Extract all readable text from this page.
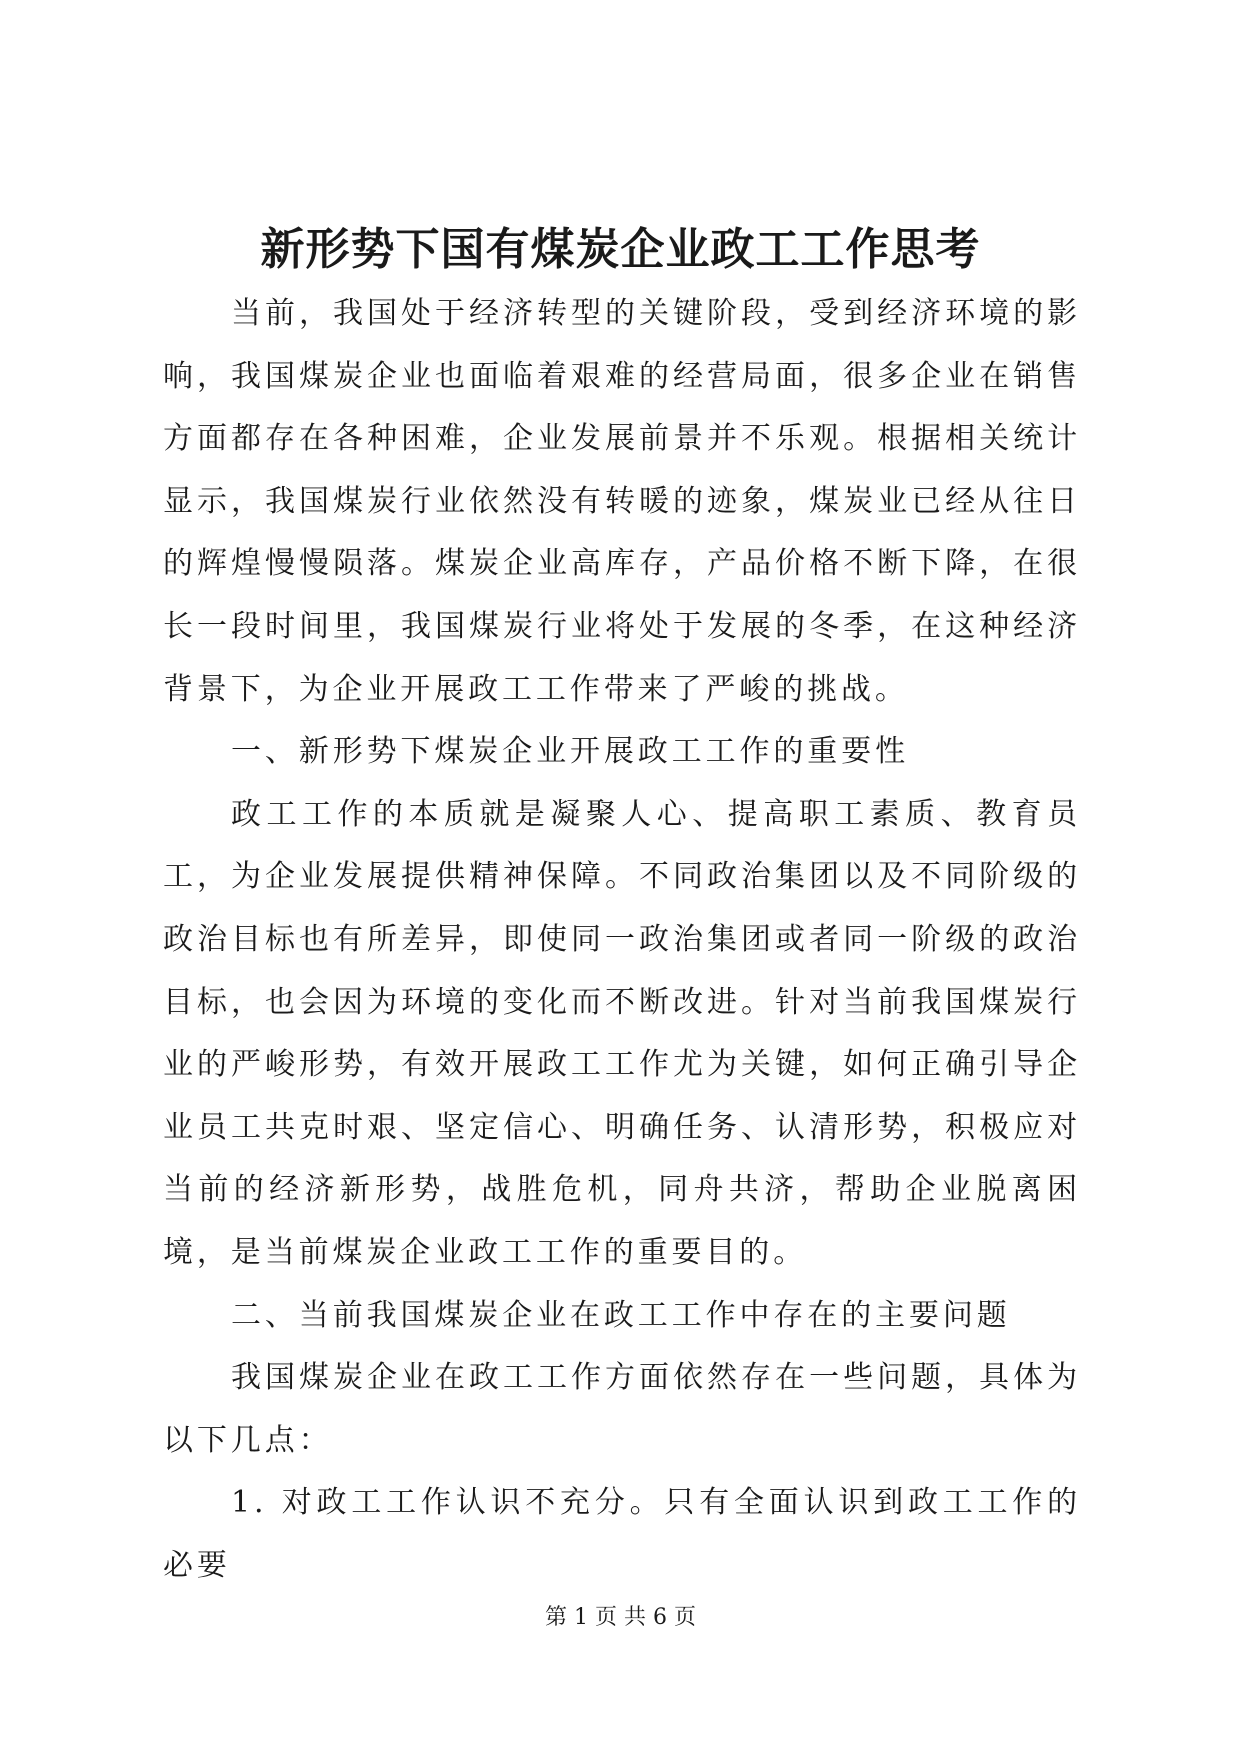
新形势下国有煤炭企业政工工作思考

当前，我国处于经济转型的关键阶段，受到经济环境的影响，我国煤炭企业也面临着艰难的经营局面，很多企业在销售方面都存在各种困难，企业发展前景并不乐观。根据相关统计显示，我国煤炭行业依然没有转暖的迹象，煤炭业已经从往日的辉煌慢慢陨落。煤炭企业高库存，产品价格不断下降，在很长一段时间里，我国煤炭行业将处于发展的冬季，在这种经济背景下，为企业开展政工工作带来了严峻的挑战。

一、新形势下煤炭企业开展政工工作的重要性

政工工作的本质就是凝聚人心、提高职工素质、教育员工，为企业发展提供精神保障。不同政治集团以及不同阶级的政治目标也有所差异，即使同一政治集团或者同一阶级的政治目标，也会因为环境的变化而不断改进。针对当前我国煤炭行业的严峻形势，有效开展政工工作尤为关键，如何正确引导企业员工共克时艰、坚定信心、明确任务、认清形势，积极应对当前的经济新形势，战胜危机，同舟共济，帮助企业脱离困境，是当前煤炭企业政工工作的重要目的。

二、当前我国煤炭企业在政工工作中存在的主要问题

我国煤炭企业在政工工作方面依然存在一些问题，具体为以下几点：

1. 对政工工作认识不充分。只有全面认识到政工工作的必要

第 1 页 共 6 页
